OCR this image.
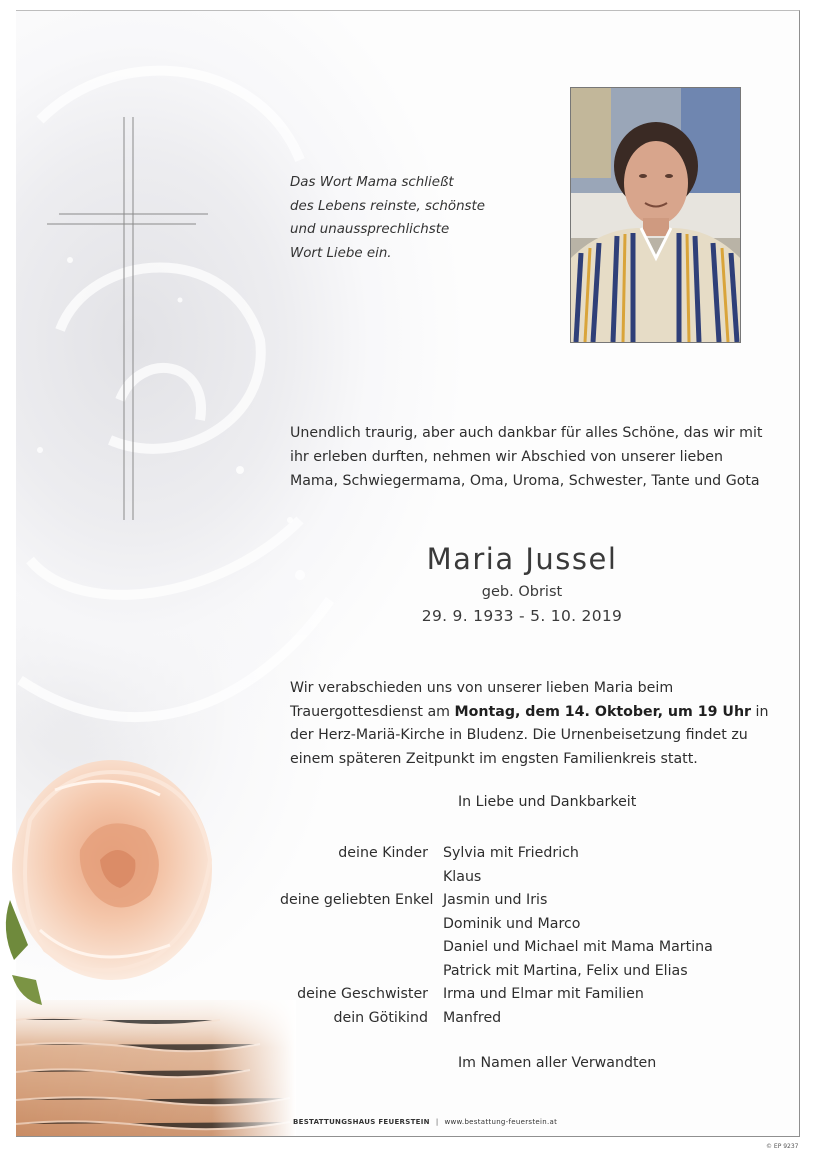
Das Wort Mama schließt
des Lebens reinste, schönste
und unaussprechlichste
Wort Liebe ein.
Unendlich traurig, aber auch dankbar für alles Schöne, das wir mit ihr erleben durften, nehmen wir Abschied von unserer lieben Mama, Schwiegermama, Oma, Uroma, Schwester, Tante und Gota
Maria Jussel
geb. Obrist
29. 9. 1933 - 5. 10. 2019
Wir verabschieden uns von unserer lieben Maria beim Trauergottesdienst am Montag, dem 14. Oktober, um 19 Uhr in der Herz-Mariä-Kirche in Bludenz. Die Urnenbeisetzung findet zu einem späteren Zeitpunkt im engsten Familienkreis statt.
In Liebe und Dankbarkeit
deine Kinder	Sylvia mit Friedrich
Klaus
deine geliebten Enkel Jasmin und Iris
Dominik und Marco
Daniel und Michael mit Mama Martina
Patrick mit Martina, Felix und Elias
deine Geschwister	Irma und Elmar mit Familien
dein Götikind	Manfred
Im Namen aller Verwandten
BESTATTUNGSHAUS FEUERSTEIN | www.bestattung-feuerstein.at
© EP 9237
